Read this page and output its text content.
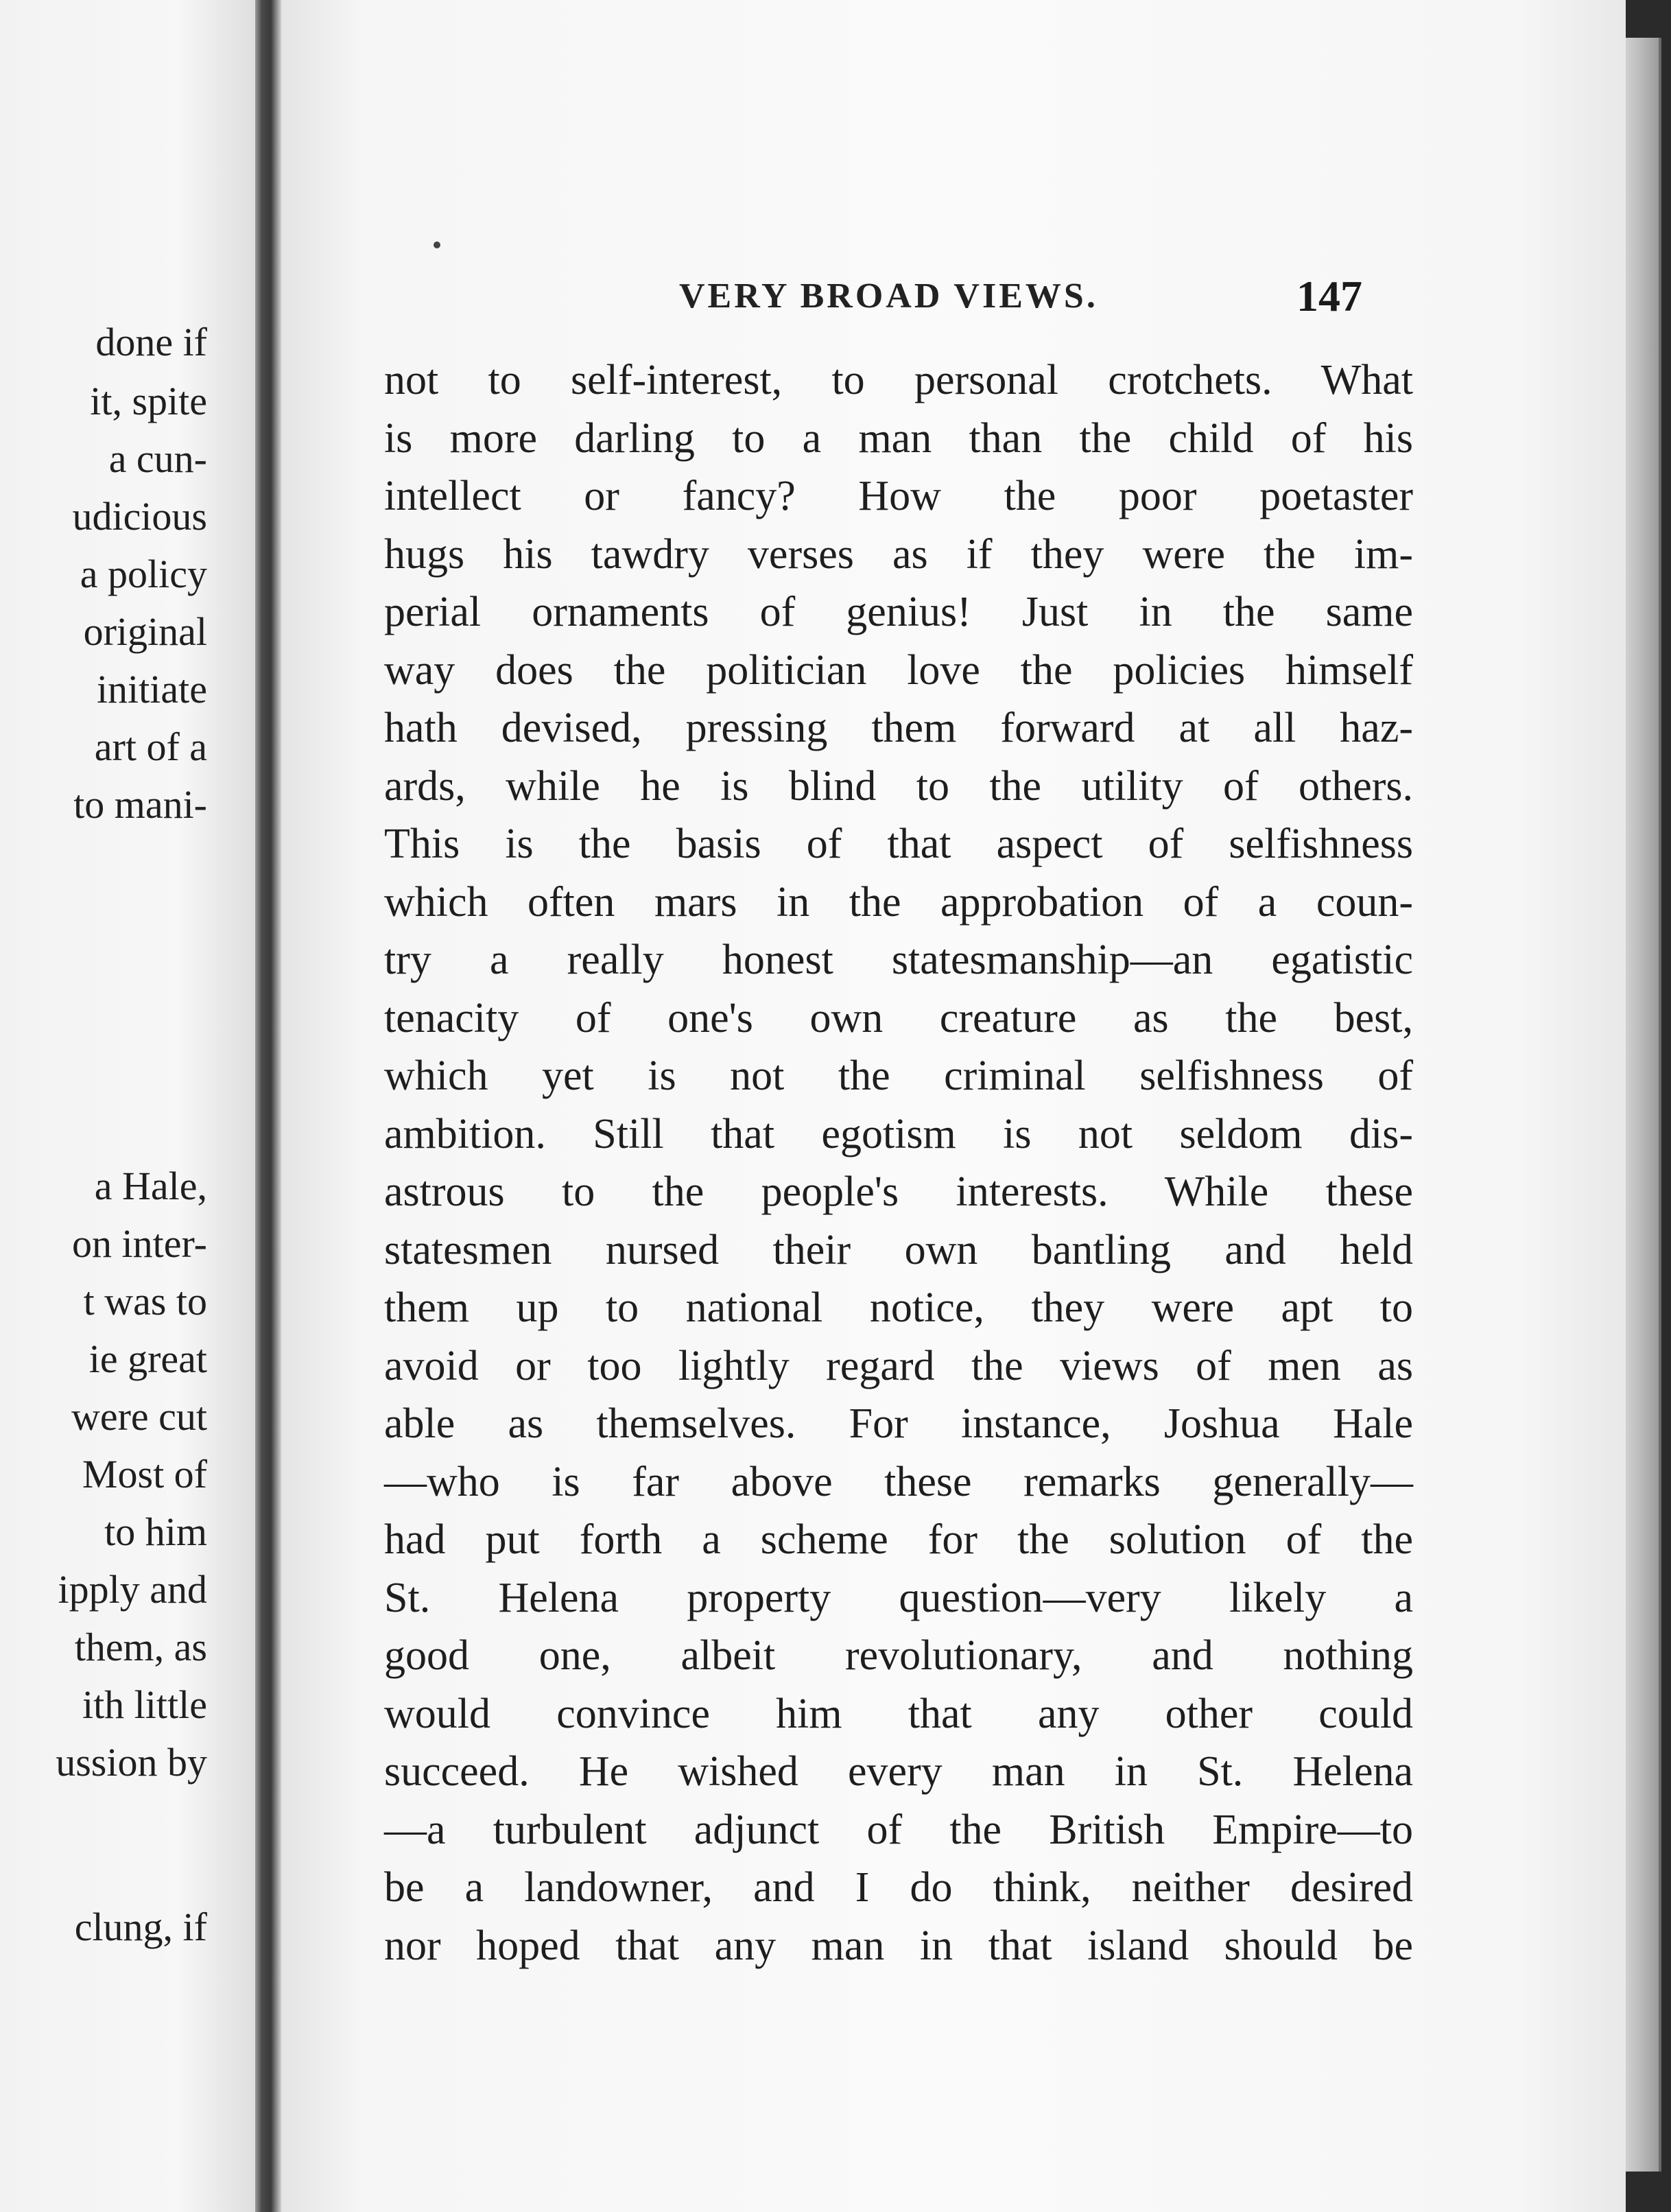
done if
it, spite
a cun-
udicious
a policy
original
initiate
art of a
to mani-
a Hale,
on inter-
t was to
ie great
were cut
Most of
to him
ipply and
them, as
ith little
ussion by
clung, if
VERY BROAD VIEWS.	147
not to self-interest, to personal crotchets. What
is more darling to a man than the child of his
intellect or fancy? How the poor poetaster
hugs his tawdry verses as if they were the im-
perial ornaments of genius! Just in the same
way does the politician love the policies himself
hath devised, pressing them forward at all haz-
ards, while he is blind to the utility of others.
This is the basis of that aspect of selfishness
which often mars in the approbation of a coun-
try a really honest statesmanship—an egatistic
tenacity of one's own creature as the best,
which yet is not the criminal selfishness of
ambition. Still that egotism is not seldom dis-
astrous to the people's interests. While these
statesmen nursed their own bantling and held
them up to national notice, they were apt to
avoid or too lightly regard the views of men as
able as themselves. For instance, Joshua Hale
—who is far above these remarks generally—
had put forth a scheme for the solution of the
St. Helena property question—very likely a
good one, albeit revolutionary, and nothing
would convince him that any other could
succeed. He wished every man in St. Helena
—a turbulent adjunct of the British Empire—to
be a landowner, and I do think, neither desired
nor hoped that any man in that island should be
